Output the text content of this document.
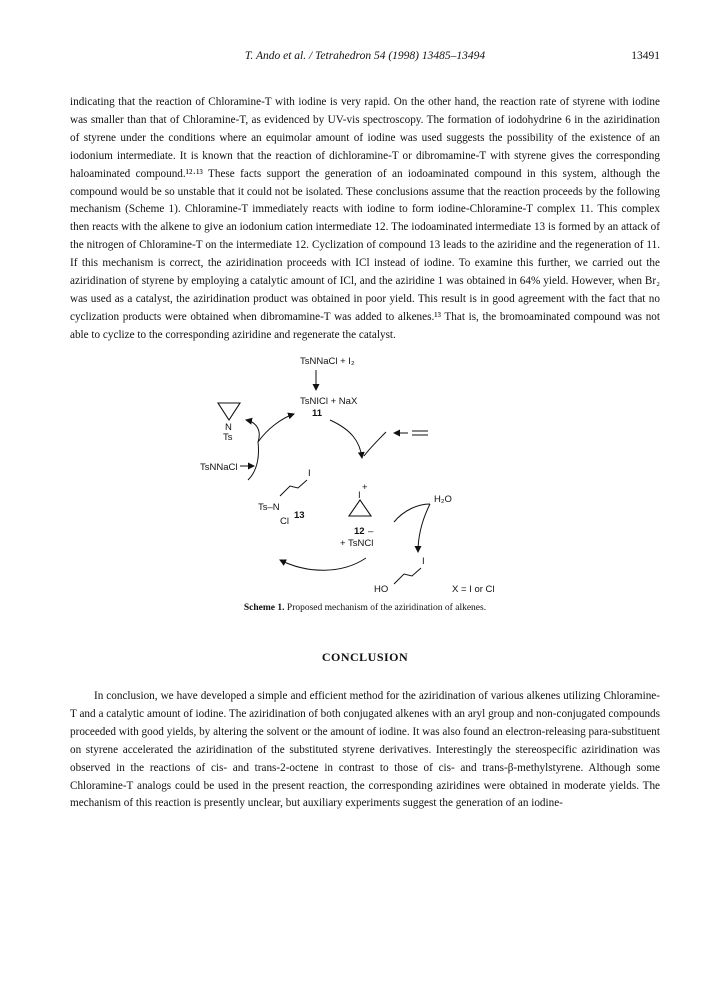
T. Ando et al. / Tetrahedron 54 (1998) 13485–13494	13491

indicating that the reaction of Chloramine-T with iodine is very rapid. On the other hand, the reaction rate of styrene with iodine was smaller than that of Chloramine-T, as evidenced by UV-vis spectroscopy. The formation of iodohydrine 6 in the aziridination of styrene under the conditions where an equimolar amount of iodine was used suggests the possibility of the existence of an iodonium intermediate. It is known that the reaction of dichloramine-T or dibromamine-T with styrene gives the corresponding haloaminated compound.¹²·¹³ These facts support the generation of an iodoaminated compound in this system, although the compound would be so unstable that it could not be isolated. These conclusions assume that the reaction proceeds by the following mechanism (Scheme 1). Chloramine-T immediately reacts with iodine to form iodine-Chloramine-T complex 11. This complex then reacts with the alkene to give an iodonium cation intermediate 12. The iodoaminated intermediate 13 is formed by an attack of the nitrogen of Chloramine-T on the intermediate 12. Cyclization of compound 13 leads to the aziridine and the regeneration of 11. If this mechanism is correct, the aziridination proceeds with ICl instead of iodine. To examine this further, we carried out the aziridination of styrene by employing a catalytic amount of ICl, and the aziridine 1 was obtained in 64% yield. However, when Br₂ was used as a catalyst, the aziridination product was obtained in poor yield. This result is in good agreement with the fact that no cyclization products were obtained when dibromamine-T was added to alkenes.¹³ That is, the bromoaminated compound was not able to cyclize to the corresponding aziridine and regenerate the catalyst.

TsNNaCl + I₂
TsNICl + NaX
11
N
Ts
TsNNaCl
I
Ts–N
Cl
13
+
I
12 –
+ TsNCl
H₂O
I
HO	X = I or Cl
Scheme 1. Proposed mechanism of the aziridination of alkenes.
CONCLUSION

In conclusion, we have developed a simple and efficient method for the aziridination of various alkenes utilizing Chloramine-T and a catalytic amount of iodine. The aziridination of both conjugated alkenes with an aryl group and non-conjugated compounds proceeded with good yields, by altering the solvent or the amount of iodine. It was also found an electron-releasing para-substituent on styrene accelerated the aziridination of the substituted styrene derivatives. Interestingly the stereospecific aziridination was observed in the reactions of cis- and trans-2-octene in contrast to those of cis- and trans-β-methylstyrene. Although some Chloramine-T analogs could be used in the present reaction, the corresponding aziridines were obtained in moderate yields. The mechanism of this reaction is presently unclear, but auxiliary experiments suggest the generation of an iodine-
